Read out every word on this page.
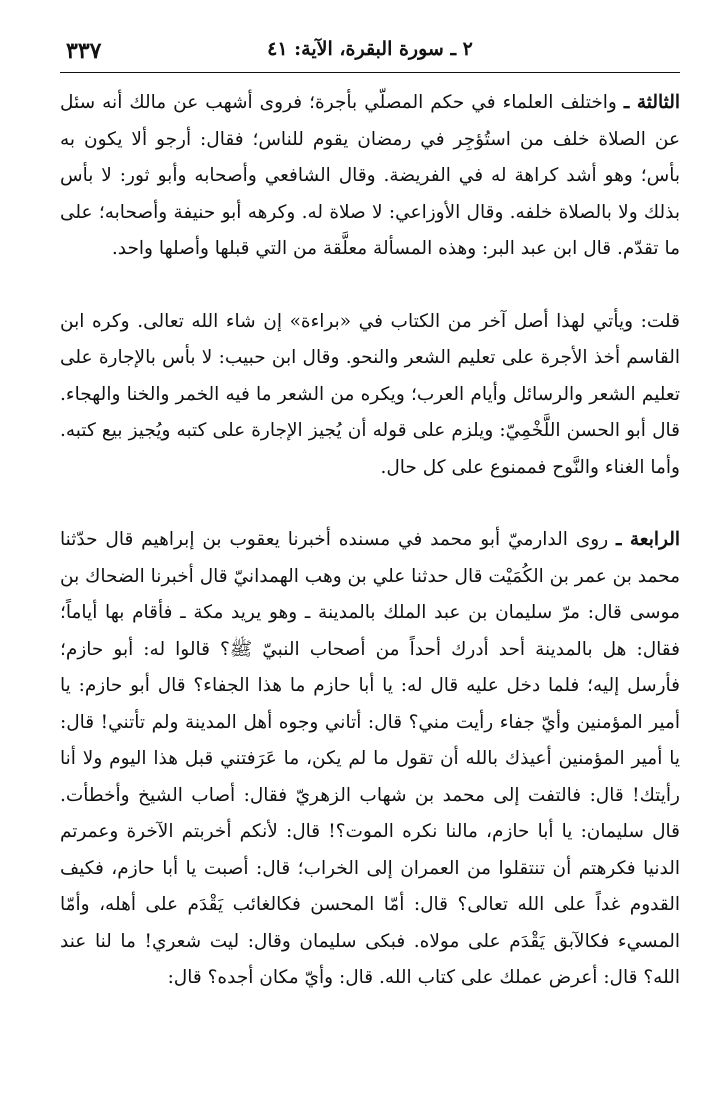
٢ ـ سورة البقرة، الآية: ٤١
٣٣٧

الثالثة ـ واختلف العلماء في حكم المصلّي بأجرة؛ فروى أشهب عن مالك أنه سئل عن الصلاة خلف من استُؤجِر في رمضان يقوم للناس؛ فقال: أرجو ألا يكون به بأس؛ وهو أشد كراهة له في الفريضة. وقال الشافعي وأصحابه وأبو ثور: لا بأس بذلك ولا بالصلاة خلفه. وقال الأوزاعي: لا صلاة له. وكرهه أبو حنيفة وأصحابه؛ على ما تقدّم. قال ابن عبد البر: وهذه المسألة معلَّقة من التي قبلها وأصلها واحد.

قلت: ويأتي لهذا أصل آخر من الكتاب في «براءة» إن شاء الله تعالى. وكره ابن القاسم أخذ الأجرة على تعليم الشعر والنحو. وقال ابن حبيب: لا بأس بالإجارة على تعليم الشعر والرسائل وأيام العرب؛ ويكره من الشعر ما فيه الخمر والخنا والهجاء. قال أبو الحسن اللَّخْمِيّ: ويلزم على قوله أن يُجيز الإجارة على كتبه ويُجيز بيع كتبه. وأما الغناء والنَّوح فممنوع على كل حال.

الرابعة ـ روى الدارميّ أبو محمد في مسنده أخبرنا يعقوب بن إبراهيم قال حدّثنا محمد بن عمر بن الكُمَيْت قال حدثنا علي بن وهب الهمدانيّ قال أخبرنا الضحاك بن موسى قال: مرّ سليمان بن عبد الملك بالمدينة ـ وهو يريد مكة ـ فأقام بها أياماً؛ فقال: هل بالمدينة أحد أدرك أحداً من أصحاب النبيّ ﷺ؟ قالوا له: أبو حازم؛ فأرسل إليه؛ فلما دخل عليه قال له: يا أبا حازم ما هذا الجفاء؟ قال أبو حازم: يا أمير المؤمنين وأيّ جفاء رأيت مني؟ قال: أتاني وجوه أهل المدينة ولم تأتني! قال: يا أمير المؤمنين أعيذك بالله أن تقول ما لم يكن، ما عَرَفتني قبل هذا اليوم ولا أنا رأيتك! قال: فالتفت إلى محمد بن شهاب الزهريّ فقال: أصاب الشيخ وأخطأت. قال سليمان: يا أبا حازم، مالنا نكره الموت؟! قال: لأنكم أخربتم الآخرة وعمرتم الدنيا فكرهتم أن تنتقلوا من العمران إلى الخراب؛ قال: أصبت يا أبا حازم، فكيف القدوم غداً على الله تعالى؟ قال: أمّا المحسن فكالغائب يَقْدَم على أهله، وأمّا المسيء فكالآبق يَقْدَم على مولاه. فبكى سليمان وقال: ليت شعري! ما لنا عند الله؟ قال: أعرض عملك على كتاب الله. قال: وأيّ مكان أجده؟ قال:
